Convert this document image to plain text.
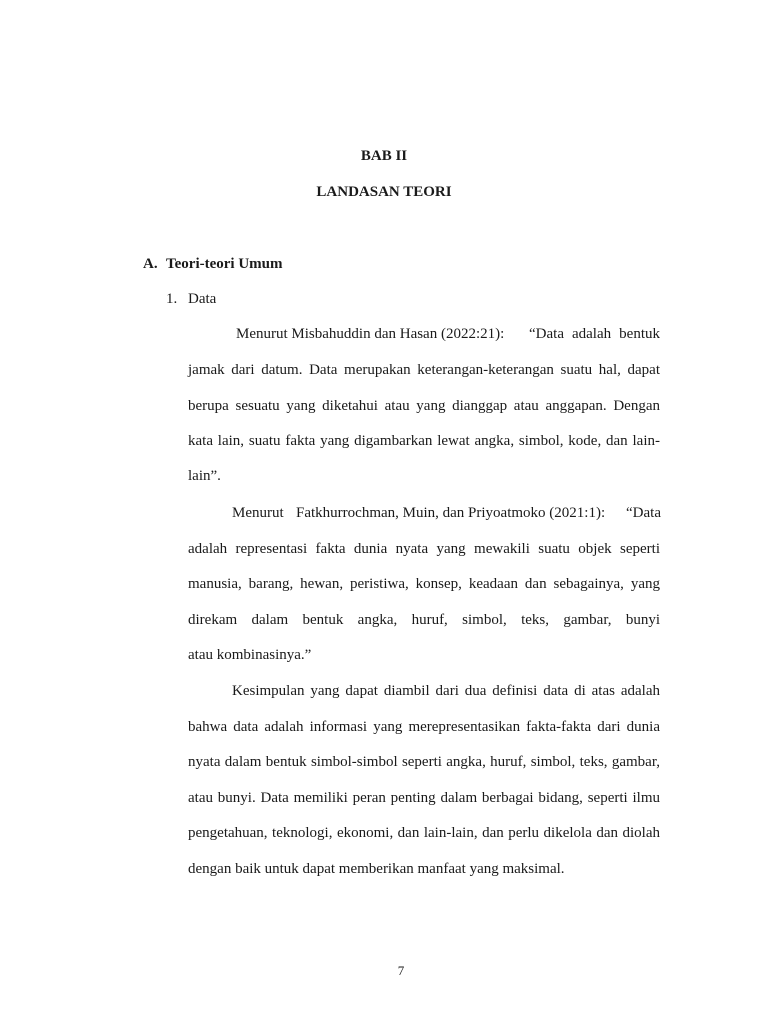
BAB II
LANDASAN TEORI
A. Teori-teori Umum
1. Data
Menurut Misbahuddin dan Hasan (2022:21): “Data adalah bentuk
jamak dari datum. Data merupakan keterangan-keterangan suatu hal, dapat
berupa sesuatu yang diketahui atau yang dianggap atau anggapan. Dengan
kata lain, suatu fakta yang digambarkan lewat angka, simbol, kode, dan lain-
lain”.
Menurut Fatkhurrochman, Muin, dan Priyoatmoko (2021:1): “Data
adalah representasi fakta dunia nyata yang mewakili suatu objek seperti
manusia, barang, hewan, peristiwa, konsep, keadaan dan sebagainya, yang
direkam dalam bentuk angka, huruf, simbol, teks, gambar, bunyi
atau kombinasinya.”
Kesimpulan yang dapat diambil dari dua definisi data di atas adalah
bahwa data adalah informasi yang merepresentasikan fakta-fakta dari dunia
nyata dalam bentuk simbol-simbol seperti angka, huruf, simbol, teks, gambar,
atau bunyi. Data memiliki peran penting dalam berbagai bidang, seperti ilmu
pengetahuan, teknologi, ekonomi, dan lain-lain, dan perlu dikelola dan diolah
dengan baik untuk dapat memberikan manfaat yang maksimal.
7
